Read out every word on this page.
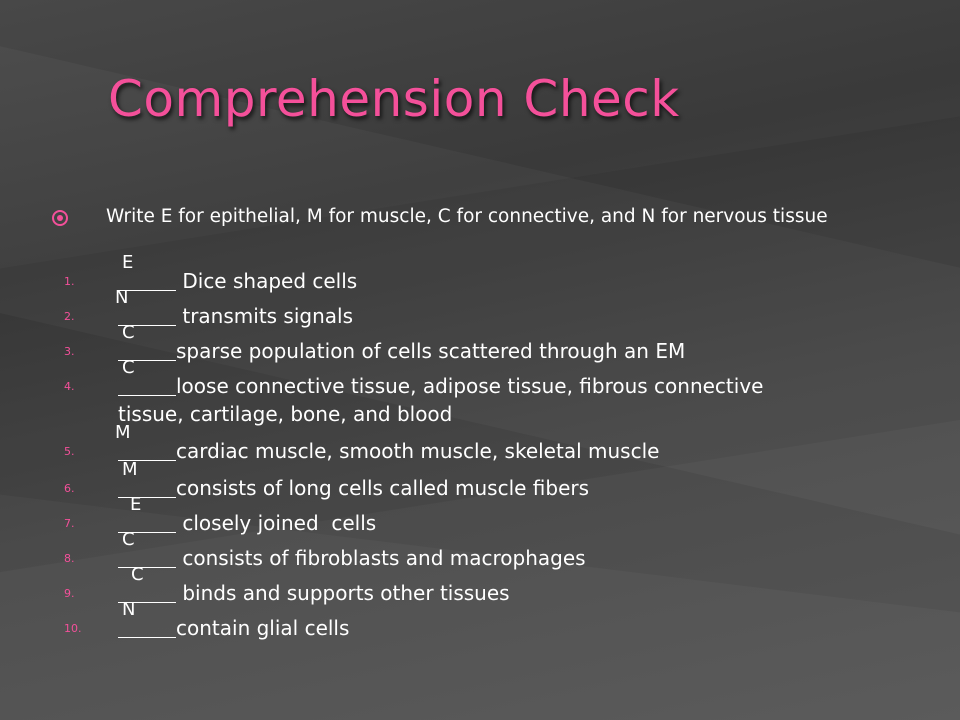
Comprehension Check
Write E for epithelial, M for muscle, C for connective, and N for nervous tissue
1.
E
Dice shaped cells
2.
N
transmits signals
3.
C
sparse population of cells scattered through an EM
4.
C
loose connective tissue, adipose tissue, fibrous connective tissue, cartilage, bone, and blood
5.
M
cardiac muscle, smooth muscle, skeletal muscle
6.
M
consists of long cells called muscle fibers
7.
E
closely joined  cells
8.
C
consists of fibroblasts and macrophages
9.
C
binds and supports other tissues
10.
N
contain glial cells
